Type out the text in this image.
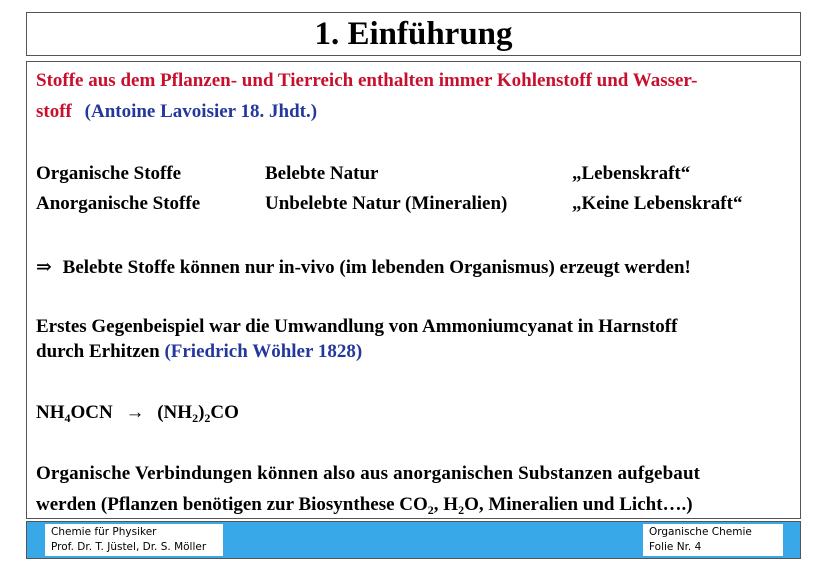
1. Einführung
Stoffe aus dem Pflanzen- und Tierreich enthalten immer Kohlenstoff und Wasser-
stoff (Antoine Lavoisier 18. Jhdt.)
Organische Stoffe	Belebte Natur	„Lebenskraft“
Anorganische Stoffe	Unbelebte Natur (Mineralien)	„Keine Lebenskraft“
⇒ Belebte Stoffe können nur in-vivo (im lebenden Organismus) erzeugt werden!
Erstes Gegenbeispiel war die Umwandlung von Ammoniumcyanat in Harnstoff
durch Erhitzen (Friedrich Wöhler 1828)
$NH_4OCN \to (NH_2)_2CO$
Organische Verbindungen können also aus anorganischen Substanzen aufgebaut
werden (Pflanzen benötigen zur Biosynthese $CO_2$, $H_2O$, Mineralien und Licht….)
Chemie für Physiker
Prof. Dr. T. Jüstel, Dr. S. Möller
Organische Chemie
Folie Nr. 4
